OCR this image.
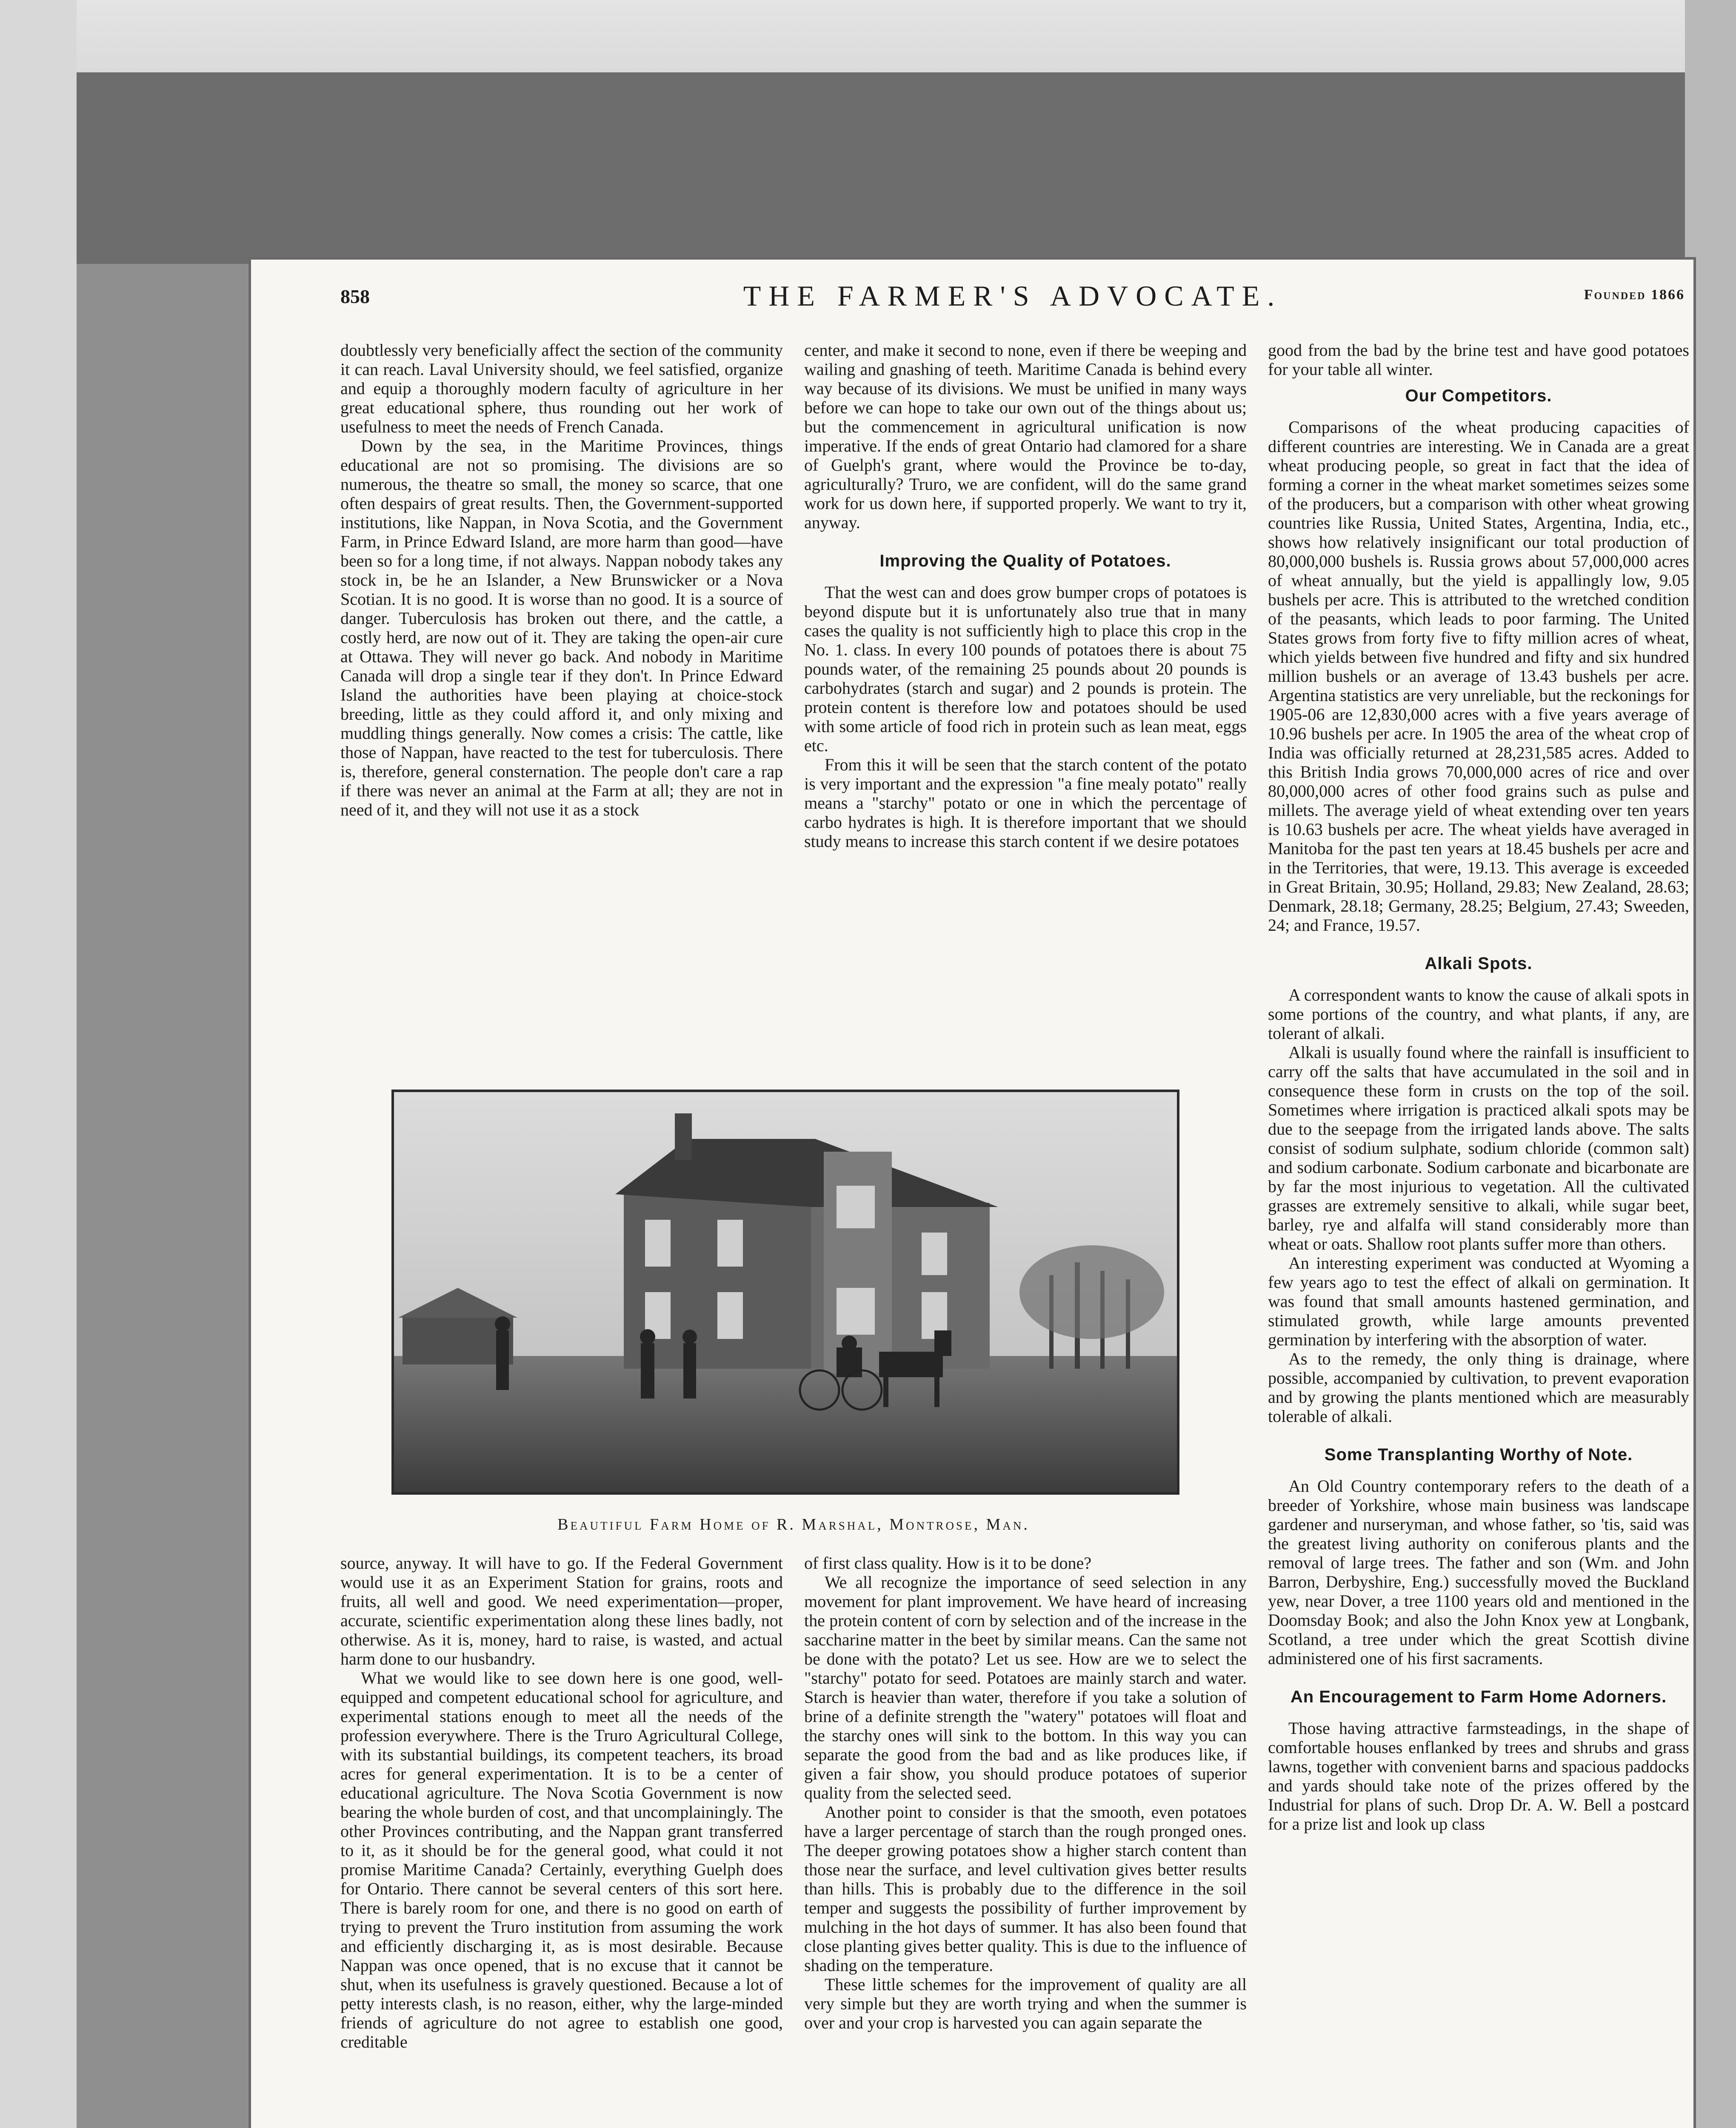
858	THE FARMER'S ADVOCATE.	Founded 1866

doubtlessly very beneficially affect the section of the community it can reach. Laval University should, we feel satisfied, organize and equip a thoroughly modern faculty of agriculture in her great educational sphere, thus rounding out her work of usefulness to meet the needs of French Canada.

Down by the sea, in the Maritime Provinces, things educational are not so promising. The divisions are so numerous, the theatre so small, the money so scarce, that one often despairs of great results. Then, the Government-supported institutions, like Nappan, in Nova Scotia, and the Government Farm, in Prince Edward Island, are more harm than good—have been so for a long time, if not always. Nappan nobody takes any stock in, be he an Islander, a New Brunswicker or a Nova Scotian. It is no good. It is worse than no good. It is a source of danger. Tuberculosis has broken out there, and the cattle, a costly herd, are now out of it. They are taking the open-air cure at Ottawa. They will never go back. And nobody in Maritime Canada will drop a single tear if they don't. In Prince Edward Island the authorities have been playing at choice-stock breeding, little as they could afford it, and only mixing and muddling things generally. Now comes a crisis: The cattle, like those of Nappan, have reacted to the test for tuberculosis. There is, therefore, general consternation. The people don't care a rap if there was never an animal at the Farm at all; they are not in need of it, and they will not use it as a stock

center, and make it second to none, even if there be weeping and wailing and gnashing of teeth. Maritime Canada is behind every way because of its divisions. We must be unified in many ways before we can hope to take our own out of the things about us; but the commencement in agricultural unification is now imperative. If the ends of great Ontario had clamored for a share of Guelph's grant, where would the Province be to-day, agriculturally? Truro, we are confident, will do the same grand work for us down here, if supported properly. We want to try it, anyway.

Improving the Quality of Potatoes.

That the west can and does grow bumper crops of potatoes is beyond dispute but it is unfortunately also true that in many cases the quality is not sufficiently high to place this crop in the No. 1. class. In every 100 pounds of potatoes there is about 75 pounds water, of the remaining 25 pounds about 20 pounds is carbohydrates (starch and sugar) and 2 pounds is protein. The protein content is therefore low and potatoes should be used with some article of food rich in protein such as lean meat, eggs etc.

From this it will be seen that the starch content of the potato is very important and the expression "a fine mealy potato" really means a "starchy" potato or one in which the percentage of carbo hydrates is high. It is therefore important that we should study means to increase this starch content if we desire potatoes

Beautiful Farm Home of R. Marshal, Montrose, Man.

source, anyway. It will have to go. If the Federal Government would use it as an Experiment Station for grains, roots and fruits, all well and good. We need experimentation—proper, accurate, scientific experimentation along these lines badly, not otherwise. As it is, money, hard to raise, is wasted, and actual harm done to our husbandry.

What we would like to see down here is one good, well-equipped and competent educational school for agriculture, and experimental stations enough to meet all the needs of the profession everywhere. There is the Truro Agricultural College, with its substantial buildings, its competent teachers, its broad acres for general experimentation. It is to be a center of educational agriculture. The Nova Scotia Government is now bearing the whole burden of cost, and that uncomplainingly. The other Provinces contributing, and the Nappan grant transferred to it, as it should be for the general good, what could it not promise Maritime Canada? Certainly, everything Guelph does for Ontario. There cannot be several centers of this sort here. There is barely room for one, and there is no good on earth of trying to prevent the Truro institution from assuming the work and efficiently discharging it, as is most desirable. Because Nappan was once opened, that is no excuse that it cannot be shut, when its usefulness is gravely questioned. Because a lot of petty interests clash, is no reason, either, why the large-minded friends of agriculture do not agree to establish one good, creditable

of first class quality. How is it to be done?

We all recognize the importance of seed selection in any movement for plant improvement. We have heard of increasing the protein content of corn by selection and of the increase in the saccharine matter in the beet by similar means. Can the same not be done with the potato? Let us see. How are we to select the "starchy" potato for seed. Potatoes are mainly starch and water. Starch is heavier than water, therefore if you take a solution of brine of a definite strength the "watery" potatoes will float and the starchy ones will sink to the bottom. In this way you can separate the good from the bad and as like produces like, if given a fair show, you should produce potatoes of superior quality from the selected seed.

Another point to consider is that the smooth, even potatoes have a larger percentage of starch than the rough pronged ones. The deeper growing potatoes show a higher starch content than those near the surface, and level cultivation gives better results than hills. This is probably due to the difference in the soil temper and suggests the possibility of further improvement by mulching in the hot days of summer. It has also been found that close planting gives better quality. This is due to the influence of shading on the temperature.

These little schemes for the improvement of quality are all very simple but they are worth trying and when the summer is over and your crop is harvested you can again separate the

good from the bad by the brine test and have good potatoes for your table all winter.

Our Competitors.

Comparisons of the wheat producing capacities of different countries are interesting. We in Canada are a great wheat producing people, so great in fact that the idea of forming a corner in the wheat market sometimes seizes some of the producers, but a comparison with other wheat growing countries like Russia, United States, Argentina, India, etc., shows how relatively insignificant our total production of 80,000,000 bushels is. Russia grows about 57,000,000 acres of wheat annually, but the yield is appallingly low, 9.05 bushels per acre. This is attributed to the wretched condition of the peasants, which leads to poor farming. The United States grows from forty five to fifty million acres of wheat, which yields between five hundred and fifty and six hundred million bushels or an average of 13.43 bushels per acre. Argentina statistics are very unreliable, but the reckonings for 1905-06 are 12,830,000 acres with a five years average of 10.96 bushels per acre. In 1905 the area of the wheat crop of India was officially returned at 28,231,585 acres. Added to this British India grows 70,000,000 acres of rice and over 80,000,000 acres of other food grains such as pulse and millets. The average yield of wheat extending over ten years is 10.63 bushels per acre. The wheat yields have averaged in Manitoba for the past ten years at 18.45 bushels per acre and in the Territories, that were, 19.13. This average is exceeded in Great Britain, 30.95; Holland, 29.83; New Zealand, 28.63; Denmark, 28.18; Germany, 28.25; Belgium, 27.43; Sweeden, 24; and France, 19.57.

Alkali Spots.

A correspondent wants to know the cause of alkali spots in some portions of the country, and what plants, if any, are tolerant of alkali.

Alkali is usually found where the rainfall is insufficient to carry off the salts that have accumulated in the soil and in consequence these form in crusts on the top of the soil. Sometimes where irrigation is practiced alkali spots may be due to the seepage from the irrigated lands above. The salts consist of sodium sulphate, sodium chloride (common salt) and sodium carbonate. Sodium carbonate and bicarbonate are by far the most injurious to vegetation. All the cultivated grasses are extremely sensitive to alkali, while sugar beet, barley, rye and alfalfa will stand considerably more than wheat or oats. Shallow root plants suffer more than others.

An interesting experiment was conducted at Wyoming a few years ago to test the effect of alkali on germination. It was found that small amounts hastened germination, and stimulated growth, while large amounts prevented germination by interfering with the absorption of water.

As to the remedy, the only thing is drainage, where possible, accompanied by cultivation, to prevent evaporation and by growing the plants mentioned which are measurably tolerable of alkali.

Some Transplanting Worthy of Note.

An Old Country contemporary refers to the death of a breeder of Yorkshire, whose main business was landscape gardener and nurseryman, and whose father, so 'tis, said was the greatest living authority on coniferous plants and the removal of large trees. The father and son (Wm. and John Barron, Derbyshire, Eng.) successfully moved the Buckland yew, near Dover, a tree 1100 years old and mentioned in the Doomsday Book; and also the John Knox yew at Longbank, Scotland, a tree under which the great Scottish divine administered one of his first sacraments.

An Encouragement to Farm Home Adorners.

Those having attractive farmsteadings, in the shape of comfortable houses enflanked by trees and shrubs and grass lawns, together with convenient barns and spacious paddocks and yards should take note of the prizes offered by the Industrial for plans of such. Drop Dr. A. W. Bell a postcard for a prize list and look up class
